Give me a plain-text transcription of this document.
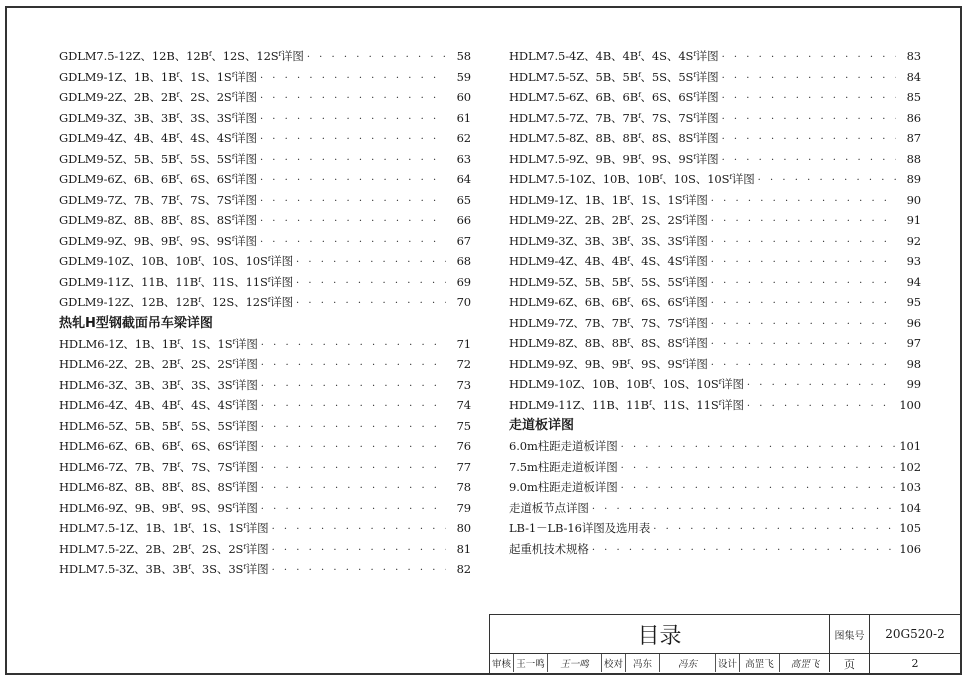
GDLM7.5-12Z、12B、12Bᶠ、12S、12Sᶠ详图 · · ·	58
GDLM9-1Z、1B、1Bᶠ、1S、1Sᶠ详图 · · ·	59
GDLM9-2Z、2B、2Bᶠ、2S、2Sᶠ详图 · · ·	60
GDLM9-3Z、3B、3Bᶠ、3S、3Sᶠ详图 · · ·	61
GDLM9-4Z、4B、4Bᶠ、4S、4Sᶠ详图 · · ·	62
GDLM9-5Z、5B、5Bᶠ、5S、5Sᶠ详图 · · ·	63
GDLM9-6Z、6B、6Bᶠ、6S、6Sᶠ详图 · · ·	64
GDLM9-7Z、7B、7Bᶠ、7S、7Sᶠ详图 · · ·	65
GDLM9-8Z、8B、8Bᶠ、8S、8Sᶠ详图 · · ·	66
GDLM9-9Z、9B、9Bᶠ、9S、9Sᶠ详图 · · ·	67
GDLM9-10Z、10B、10Bᶠ、10S、10Sᶠ详图 · · ·	68
GDLM9-11Z、11B、11Bᶠ、11S、11Sᶠ详图 · · ·	69
GDLM9-12Z、12B、12Bᶠ、12S、12Sᶠ详图 · · ·	70
热轧H型钢截面吊车梁详图
HDLM6-1Z、1B、1Bᶠ、1S、1Sᶠ详图 · · ·	71
HDLM6-2Z、2B、2Bᶠ、2S、2Sᶠ详图 · · ·	72
HDLM6-3Z、3B、3Bᶠ、3S、3Sᶠ详图 · · ·	73
HDLM6-4Z、4B、4Bᶠ、4S、4Sᶠ详图 · · ·	74
HDLM6-5Z、5B、5Bᶠ、5S、5Sᶠ详图 · · ·	75
HDLM6-6Z、6B、6Bᶠ、6S、6Sᶠ详图 · · ·	76
HDLM6-7Z、7B、7Bᶠ、7S、7Sᶠ详图 · · ·	77
HDLM6-8Z、8B、8Bᶠ、8S、8Sᶠ详图 · · ·	78
HDLM6-9Z、9B、9Bᶠ、9S、9Sᶠ详图 · · ·	79
HDLM7.5-1Z、1B、1Bᶠ、1S、1Sᶠ详图 · · ·	80
HDLM7.5-2Z、2B、2Bᶠ、2S、2Sᶠ详图 · · ·	81
HDLM7.5-3Z、3B、3Bᶠ、3S、3Sᶠ详图 · · ·	82
HDLM7.5-4Z、4B、4Bᶠ、4S、4Sᶠ详图 · · ·	83
HDLM7.5-5Z、5B、5Bᶠ、5S、5Sᶠ详图 · · ·	84
HDLM7.5-6Z、6B、6Bᶠ、6S、6Sᶠ详图 · · ·	85
HDLM7.5-7Z、7B、7Bᶠ、7S、7Sᶠ详图 · · ·	86
HDLM7.5-8Z、8B、8Bᶠ、8S、8Sᶠ详图 · · ·	87
HDLM7.5-9Z、9B、9Bᶠ、9S、9Sᶠ详图 · · ·	88
HDLM7.5-10Z、10B、10Bᶠ、10S、10Sᶠ详图 · · ·	89
HDLM9-1Z、1B、1Bᶠ、1S、1Sᶠ详图 · · ·	90
HDLM9-2Z、2B、2Bᶠ、2S、2Sᶠ详图 · · ·	91
HDLM9-3Z、3B、3Bᶠ、3S、3Sᶠ详图 · · ·	92
HDLM9-4Z、4B、4Bᶠ、4S、4Sᶠ详图 · · ·	93
HDLM9-5Z、5B、5Bᶠ、5S、5Sᶠ详图 · · ·	94
HDLM9-6Z、6B、6Bᶠ、6S、6Sᶠ详图 · · ·	95
HDLM9-7Z、7B、7Bᶠ、7S、7Sᶠ详图 · · ·	96
HDLM9-8Z、8B、8Bᶠ、8S、8Sᶠ详图 · · ·	97
HDLM9-9Z、9B、9Bᶠ、9S、9Sᶠ详图 · · ·	98
HDLM9-10Z、10B、10Bᶠ、10S、10Sᶠ详图 · · ·	99
HDLM9-11Z、11B、11Bᶠ、11S、11Sᶠ详图 · · ·	100
走道板详图
6.0m柱距走道板详图 · · ·	101
7.5m柱距走道板详图 · · ·	102
9.0m柱距走道板详图 · · ·	103
走道板节点详图 · · ·	104
LB-1－LB-16详图及选用表 · · ·	105
起重机技术规格 · · ·	106
目录	图集号	20G520-2
页	2
审核 王一鸣	王一鸣	校对	冯东	冯东	设计 高罡飞	高罡飞
